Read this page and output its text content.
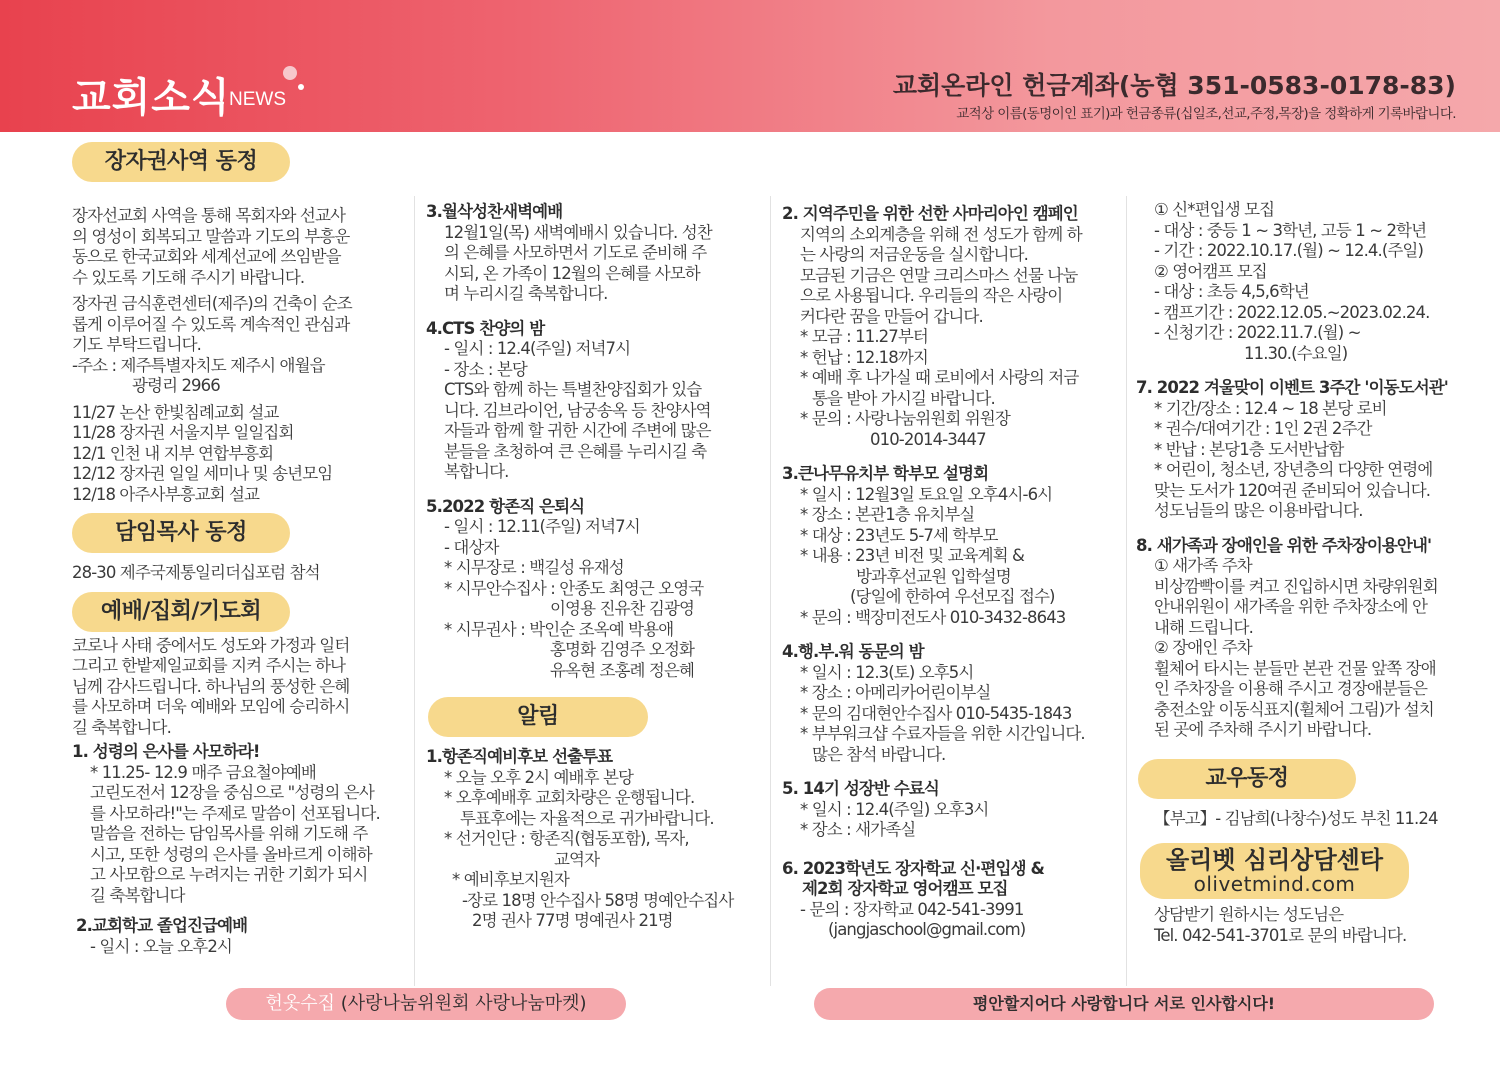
교회소식
NEWS	교회온라인 헌금계좌(농협 351-0583-0178-83)
교적상 이름(동명이인 표기)과 헌금종류(십일조,선교,주정,목장)을 정확하게 기록바랍니다.
장자권사역 동정
장자선교회 사역을 통해 목회자와 선교사
의 영성이 회복되고 말씀과 기도의 부흥운
동으로 한국교회와 세계선교에 쓰임받을
수 있도록 기도해 주시기 바랍니다.
장자권 금식훈련센터(제주)의 건축이 순조
롭게 이루어질 수 있도록 계속적인 관심과
기도 부탁드립니다.
-주소 : 제주특별자치도 제주시 애월읍
광령리 2966
11/27 논산 한빛침례교회 설교
11/28 장자권 서울지부 일일집회
12/1 인천 내 지부 연합부흥회
12/12 장자권 일일 세미나 및 송년모임
12/18 아주사부흥교회 설교
담임목사 동정
28-30 제주국제통일리더십포럼 참석
예배/집회/기도회
코로나 사태 중에서도 성도와 가정과 일터
그리고 한밭제일교회를 지켜 주시는 하나
님께 감사드립니다. 하나님의 풍성한 은혜
를 사모하며 더욱 예배와 모임에 승리하시
길 축복합니다.
1. 성령의 은사를 사모하라!
* 11.25- 12.9 매주 금요철야예배
고린도전서 12장을 중심으로 "성령의 은사
를 사모하라!"는 주제로 말씀이 선포됩니다.
말씀을 전하는 담임목사를 위해 기도해 주
시고, 또한 성령의 은사를 올바르게 이해하
고 사모함으로 누려지는 귀한 기회가 되시
길 축복합니다
2.교회학교 졸업진급예배
- 일시 : 오늘 오후2시
3.월삭성찬새벽예배
12월1일(목) 새벽예배시 있습니다. 성찬
의 은혜를 사모하면서 기도로 준비해 주
시되, 온 가족이 12월의 은혜를 사모하
며 누리시길 축복합니다.
4.CTS 찬양의 밤
- 일시 : 12.4(주일) 저녁7시
- 장소 : 본당
CTS와 함께 하는 특별찬양집회가 있습
니다. 김브라이언, 남궁송옥 등 찬양사역
자들과 함께 할 귀한 시간에 주변에 많은
분들을 초청하여 큰 은혜를 누리시길 축
복합니다.
5.2022 항존직 은퇴식
- 일시 : 12.11(주일) 저녁7시
- 대상자
* 시무장로 : 백길성 유재성
* 시무안수집사 : 안종도 최영근 오영국
이영용 진유찬 김광영
* 시무권사 : 박인순 조옥예 박용애
홍명화 김영주 오정화
유옥현 조홍례 정은혜
알림
1.항존직예비후보 선출투표
* 오늘 오후 2시 예배후 본당
* 오후예배후 교회차량은 운행됩니다.
투표후에는 자율적으로 귀가바랍니다.
* 선거인단 : 항존직(협동포함), 목자,
교역자
* 예비후보지원자
-장로 18명 안수집사 58명 명예안수집사
2명 권사 77명 명예권사 21명
2. 지역주민을 위한 선한 사마리아인 캠페인
지역의 소외계층을 위해 전 성도가 함께 하
는 사랑의 저금운동을 실시합니다.
모금된 기금은 연말 크리스마스 선물 나눔
으로 사용됩니다. 우리들의 작은 사랑이
커다란 꿈을 만들어 갑니다.
* 모금 : 11.27부터
* 헌납 : 12.18까지
* 예배 후 나가실 때 로비에서 사랑의 저금
통을 받아 가시길 바랍니다.
* 문의 : 사랑나눔위원회 위원장
010-2014-3447
3.큰나무유치부 학부모 설명회
* 일시 : 12월3일 토요일 오후4시-6시
* 장소 : 본관1층 유치부실
* 대상 : 23년도 5-7세 학부모
* 내용 : 23년 비전 및 교육계획 &
방과후선교원 입학설명
(당일에 한하여 우선모집 접수)
* 문의 : 백장미전도사 010-3432-8643
4.행.부.워 동문의 밤
* 일시 : 12.3(토) 오후5시
* 장소 : 아메리카어린이부실
* 문의 김대현안수집사 010-5435-1843
* 부부워크샵 수료자들을 위한 시간입니다.
많은 참석 바랍니다.
5. 14기 성장반 수료식
* 일시 : 12.4(주일) 오후3시
* 장소 : 새가족실
6. 2023학년도 장자학교 신·편입생 &
제2회 장자학교 영어캠프 모집
- 문의 : 장자학교 042-541-3991
(jangjaschool@gmail.com)
① 신*편입생 모집
- 대상 : 중등 1 ~ 3학년, 고등 1 ~ 2학년
- 기간 : 2022.10.17.(월) ~ 12.4.(주일)
② 영어캠프 모집
- 대상 : 초등 4,5,6학년
- 캠프기간 : 2022.12.05.~2023.02.24.
- 신청기간 : 2022.11.7.(월) ~
11.30.(수요일)
7. 2022 겨울맞이 이벤트 3주간 '이동도서관'
* 기간/장소 : 12.4 ~ 18 본당 로비
* 권수/대여기간 : 1인 2권 2주간
* 반납 : 본당1층 도서반납함
* 어린이, 청소년, 장년층의 다양한 연령에
맞는 도서가 120여권 준비되어 있습니다.
성도님들의 많은 이용바랍니다.
8. 새가족과 장애인을 위한 주차장이용안내'
① 새가족 주차
비상깜빡이를 켜고 진입하시면 차량위원회
안내위원이 새가족을 위한 주차장소에 안
내해 드립니다.
② 장애인 주차
휠체어 타시는 분들만 본관 건물 앞쪽 장애
인 주차장을 이용해 주시고 경장애분들은
충전소앞 이동식표지(휠체어 그림)가 설치
된 곳에 주차해 주시기 바랍니다.
교우동정
【부고】- 김남희(나창수)성도 부친 11.24
올리벳 심리상담센타
olivetmind.com
상담받기 원하시는 성도님은
Tel. 042-541-3701로 문의 바랍니다.
헌옷수집 (사랑나눔위원회 사랑나눔마켓)	평안할지어다 사랑합니다 서로 인사합시다!
